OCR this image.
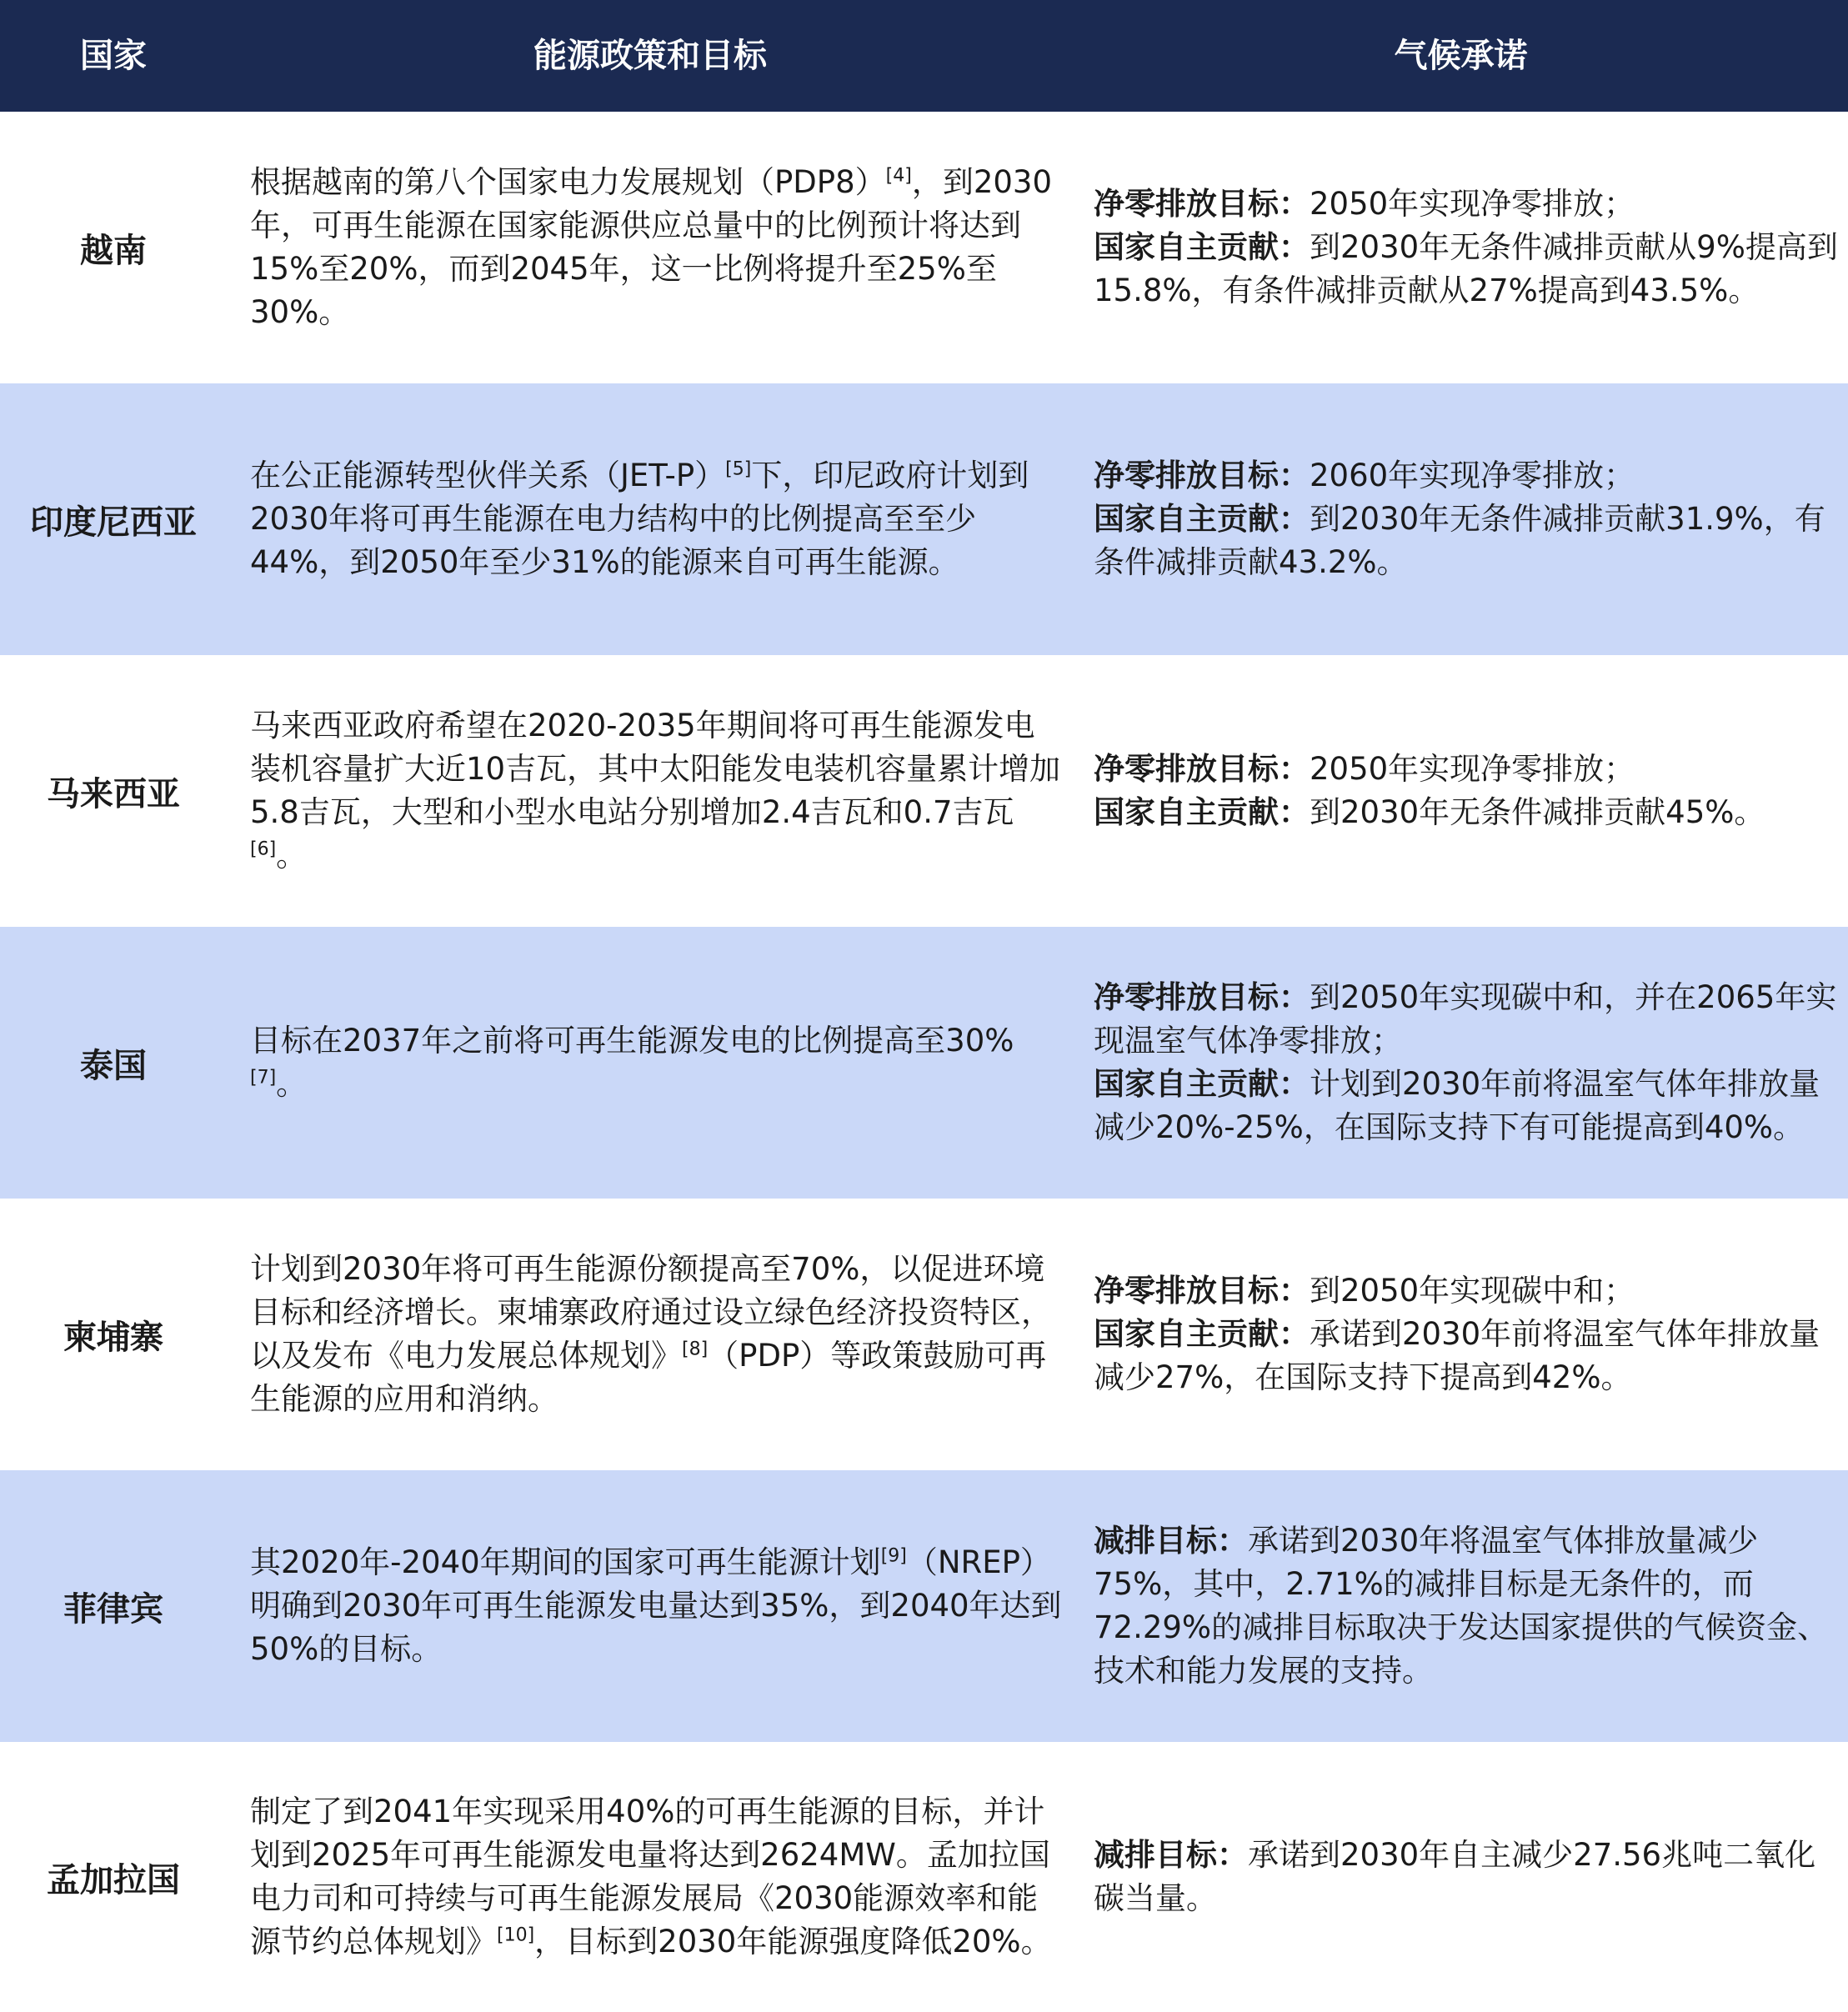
国家	能源政策和目标	气候承诺
越南
根据越南的第八个国家电力发展规划（PDP8）[4]，到2030年，可再生能源在国家能源供应总量中的比例预计将达到15%至20%，而到2045年，这一比例将提升至25%至30%。
净零排放目标：2050年实现净零排放；
国家自主贡献：到2030年无条件减排贡献从9%提高到15.8%，有条件减排贡献从27%提高到43.5%。
印度尼西亚
在公正能源转型伙伴关系（JET-P）[5]下，印尼政府计划到2030年将可再生能源在电力结构中的比例提高至至少44%，到2050年至少31%的能源来自可再生能源。
净零排放目标：2060年实现净零排放；
国家自主贡献：到2030年无条件减排贡献31.9%，有条件减排贡献43.2%。
马来西亚
马来西亚政府希望在2020-2035年期间将可再生能源发电装机容量扩大近10吉瓦，其中太阳能发电装机容量累计增加5.8吉瓦，大型和小型水电站分别增加2.4吉瓦和0.7吉瓦[6]。
净零排放目标：2050年实现净零排放；
国家自主贡献：到2030年无条件减排贡献45%。
泰国
目标在2037年之前将可再生能源发电的比例提高至30%[7]。
净零排放目标：到2050年实现碳中和，并在2065年实现温室气体净零排放；
国家自主贡献：计划到2030年前将温室气体年排放量减少20%-25%，在国际支持下有可能提高到40%。
柬埔寨
计划到2030年将可再生能源份额提高至70%，以促进环境目标和经济增长。柬埔寨政府通过设立绿色经济投资特区，以及发布《电力发展总体规划》[8]（PDP）等政策鼓励可再生能源的应用和消纳。
净零排放目标：到2050年实现碳中和；
国家自主贡献：承诺到2030年前将温室气体年排放量减少27%，在国际支持下提高到42%。
菲律宾
其2020年-2040年期间的国家可再生能源计划[9]（NREP）明确到2030年可再生能源发电量达到35%，到2040年达到50%的目标。
减排目标：承诺到2030年将温室气体排放量减少75%，其中，2.71%的减排目标是无条件的，而72.29%的减排目标取决于发达国家提供的气候资金、技术和能力发展的支持。
孟加拉国
制定了到2041年实现采用40%的可再生能源的目标，并计划到2025年可再生能源发电量将达到2624MW。孟加拉国电力司和可持续与可再生能源发展局《2030能源效率和能源节约总体规划》[10]，目标到2030年能源强度降低20%。
减排目标：承诺到2030年自主减少27.56兆吨二氧化碳当量。
